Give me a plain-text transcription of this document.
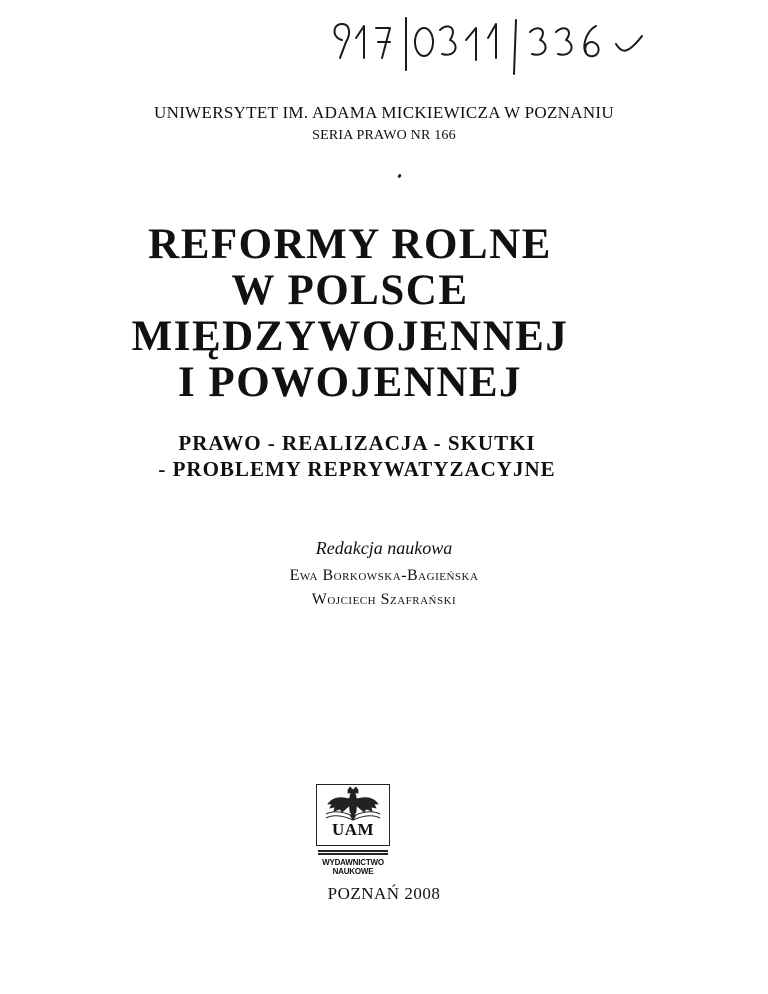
UNIWERSYTET IM. ADAMA MICKIEWICZA W POZNANIU
SERIA PRAWO NR 166
REFORMY ROLNE
W POLSCE
MIĘDZYWOJENNEJ
I POWOJENNEJ
PRAWO - REALIZACJA - SKUTKI
- PROBLEMY REPRYWATYZACYJNE
Redakcja naukowa
Ewa Borkowska-Bagieńska
Wojciech Szafrański
UAM
WYDAWNICTWO
NAUKOWE
POZNAŃ 2008
